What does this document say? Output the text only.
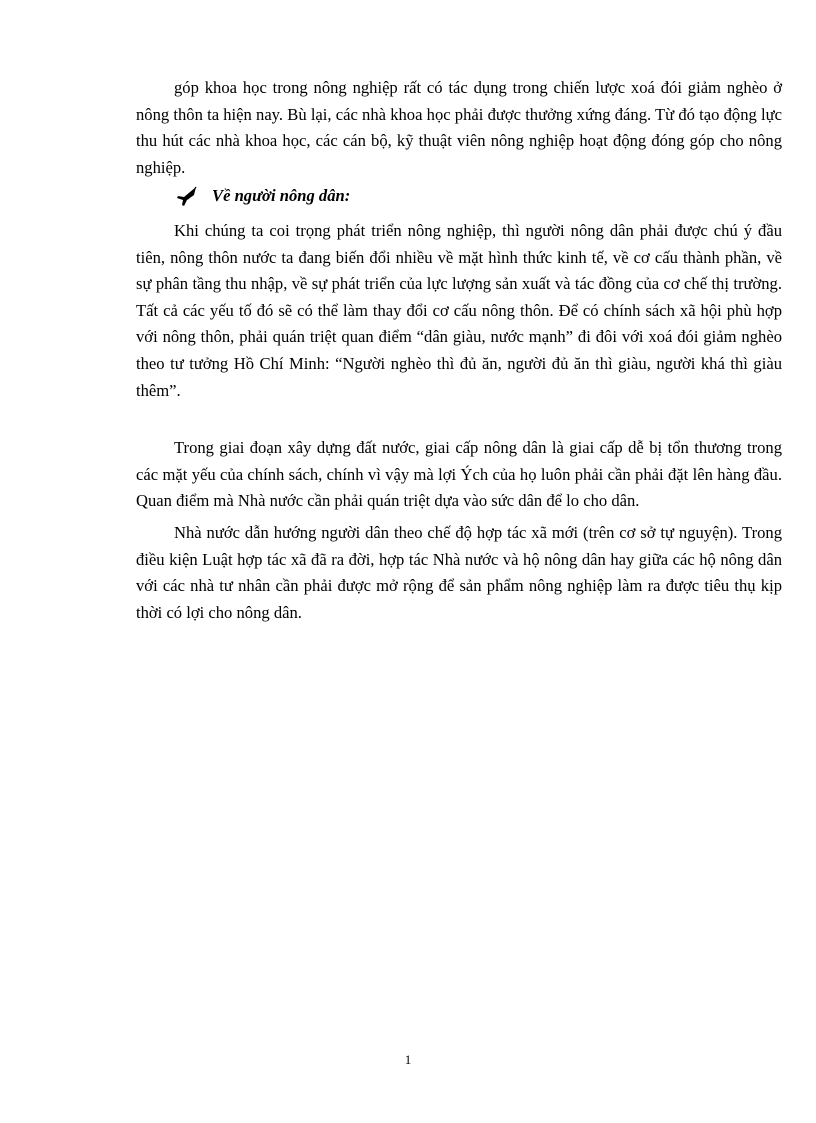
góp khoa học trong nông nghiệp rất có tác dụng trong chiến lược xoá đói giảm nghèo ở nông thôn ta hiện nay. Bù lại, các nhà khoa học phải được thưởng xứng đáng. Từ đó tạo động lực thu hút các nhà khoa học, các cán bộ, kỹ thuật viên nông nghiệp hoạt động đóng góp cho nông nghiệp.

Về người nông dân:

Khi chúng ta coi trọng phát triển nông nghiệp, thì người nông dân phải được chú ý đầu tiên, nông thôn nước ta đang biến đổi nhiều về mặt hình thức kinh tế, về cơ cấu thành phần, về sự phân tầng thu nhập, về sự phát triển của lực lượng sản xuất và tác đồng của cơ chế thị trường. Tất cả các yếu tố đó sẽ có thể làm thay đổi cơ cấu nông thôn. Để có chính sách xã hội phù hợp với nông thôn, phải quán triệt quan điểm “dân giàu, nước mạnh” đi đôi với xoá đói giảm nghèo theo tư tưởng Hồ Chí Minh: “Người nghèo thì đủ ăn, người đủ ăn thì giàu, người khá thì giàu thêm”.

Trong giai đoạn xây dựng đất nước, giai cấp nông dân là giai cấp dễ bị tổn thương trong các mặt yếu của chính sách, chính vì vậy mà lợi Ých của họ luôn phải cần phải đặt lên hàng đầu. Quan điểm mà Nhà nước cần phải quán triệt dựa vào sức dân để lo cho dân.

Nhà nước dẫn hướng người dân theo chế độ hợp tác xã mới (trên cơ sở tự nguyện). Trong điều kiện Luật hợp tác xã đã ra đời, hợp tác Nhà nước và hộ nông dân hay giữa các hộ nông dân với các nhà tư nhân cần phải được mở rộng để sản phẩm nông nghiệp làm ra được tiêu thụ kịp thời có lợi cho nông dân.

1
